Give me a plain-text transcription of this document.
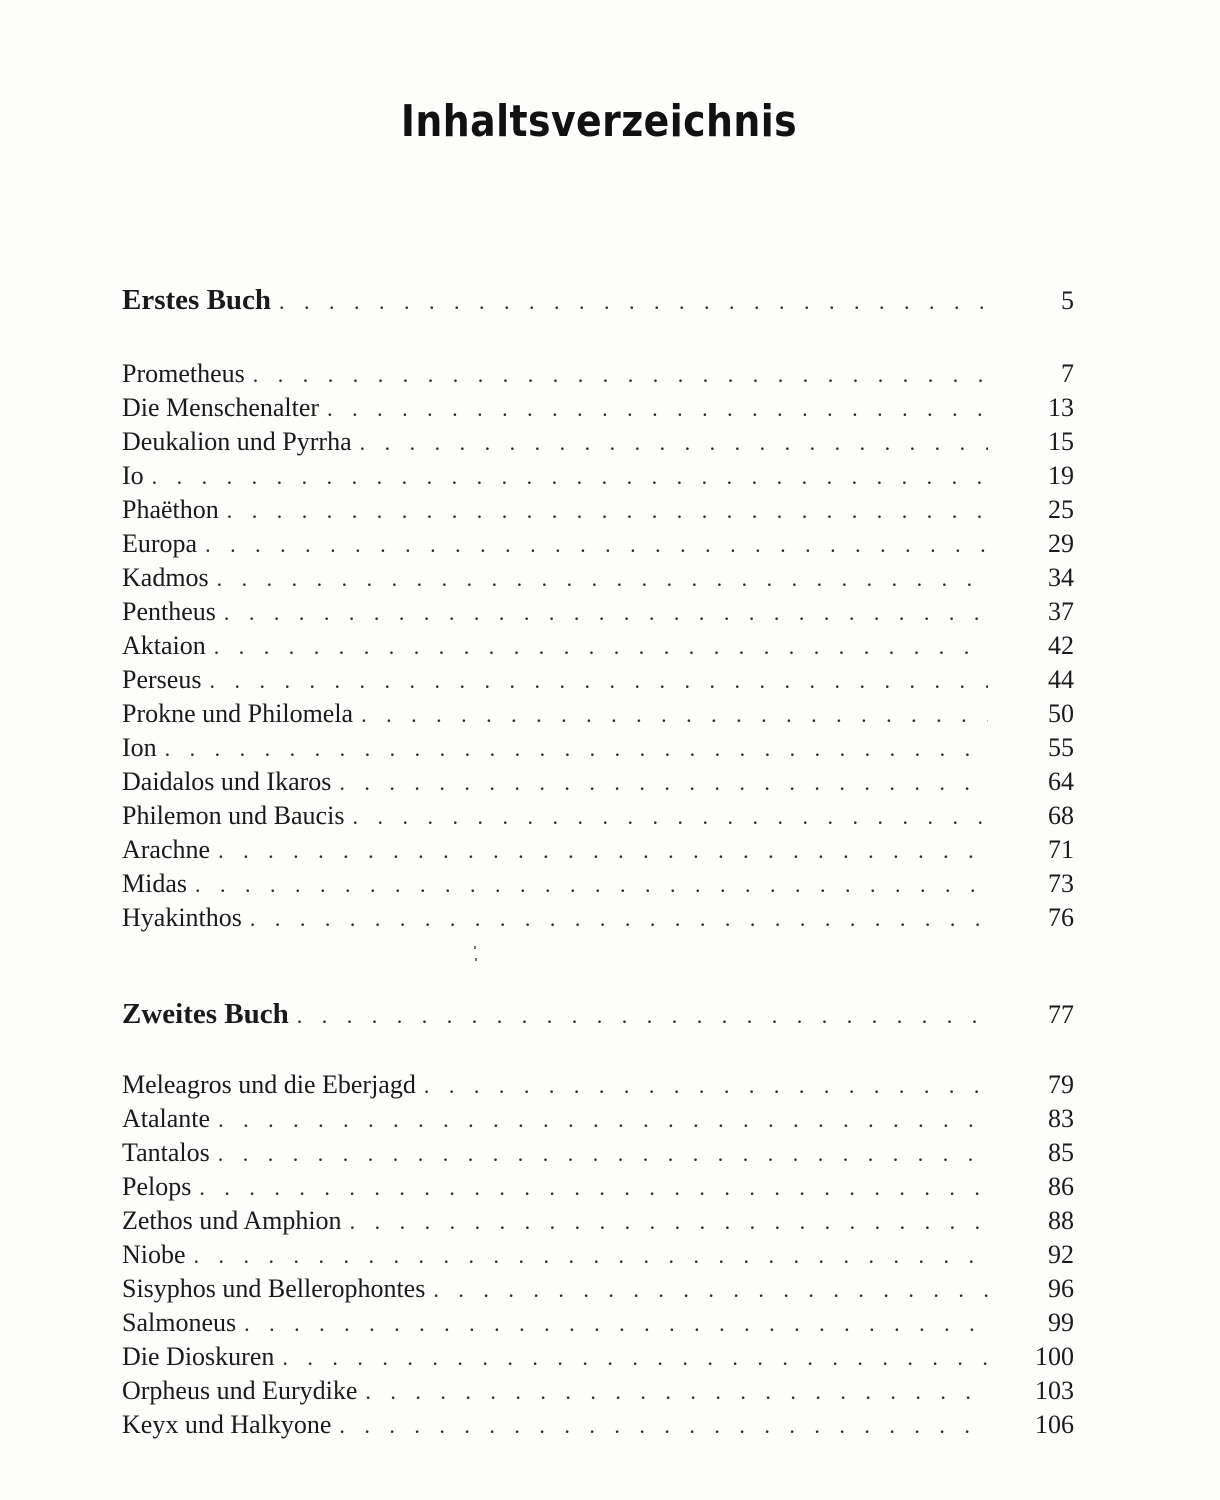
Inhaltsverzeichnis
Erstes Buch . . .	5
Prometheus . . .	7
Die Menschenalter . . .	13
Deukalion und Pyrrha . . .	15
Io . . .	19
Phaëthon . . .	25
Europa . . .	29
Kadmos . . .	34
Pentheus . . .	37
Aktaion . . .	42
Perseus . . .	44
Prokne und Philomela . . .	50
Ion . . .	55
Daidalos und Ikaros . . .	64
Philemon und Baucis . . .	68
Arachne . . .	71
Midas . . .	73
Hyakinthos . . .	76
Zweites Buch . . .	77
Meleagros und die Eberjagd . . .	79
Atalante . . .	83
Tantalos . . .	85
Pelops . . .	86
Zethos und Amphion . . .	88
Niobe . . .	92
Sisyphos und Bellerophontes . . .	96
Salmoneus . . .	99
Die Dioskuren . . .	100
Orpheus und Eurydike . . .	103
Keyx und Halkyone . . .	106
